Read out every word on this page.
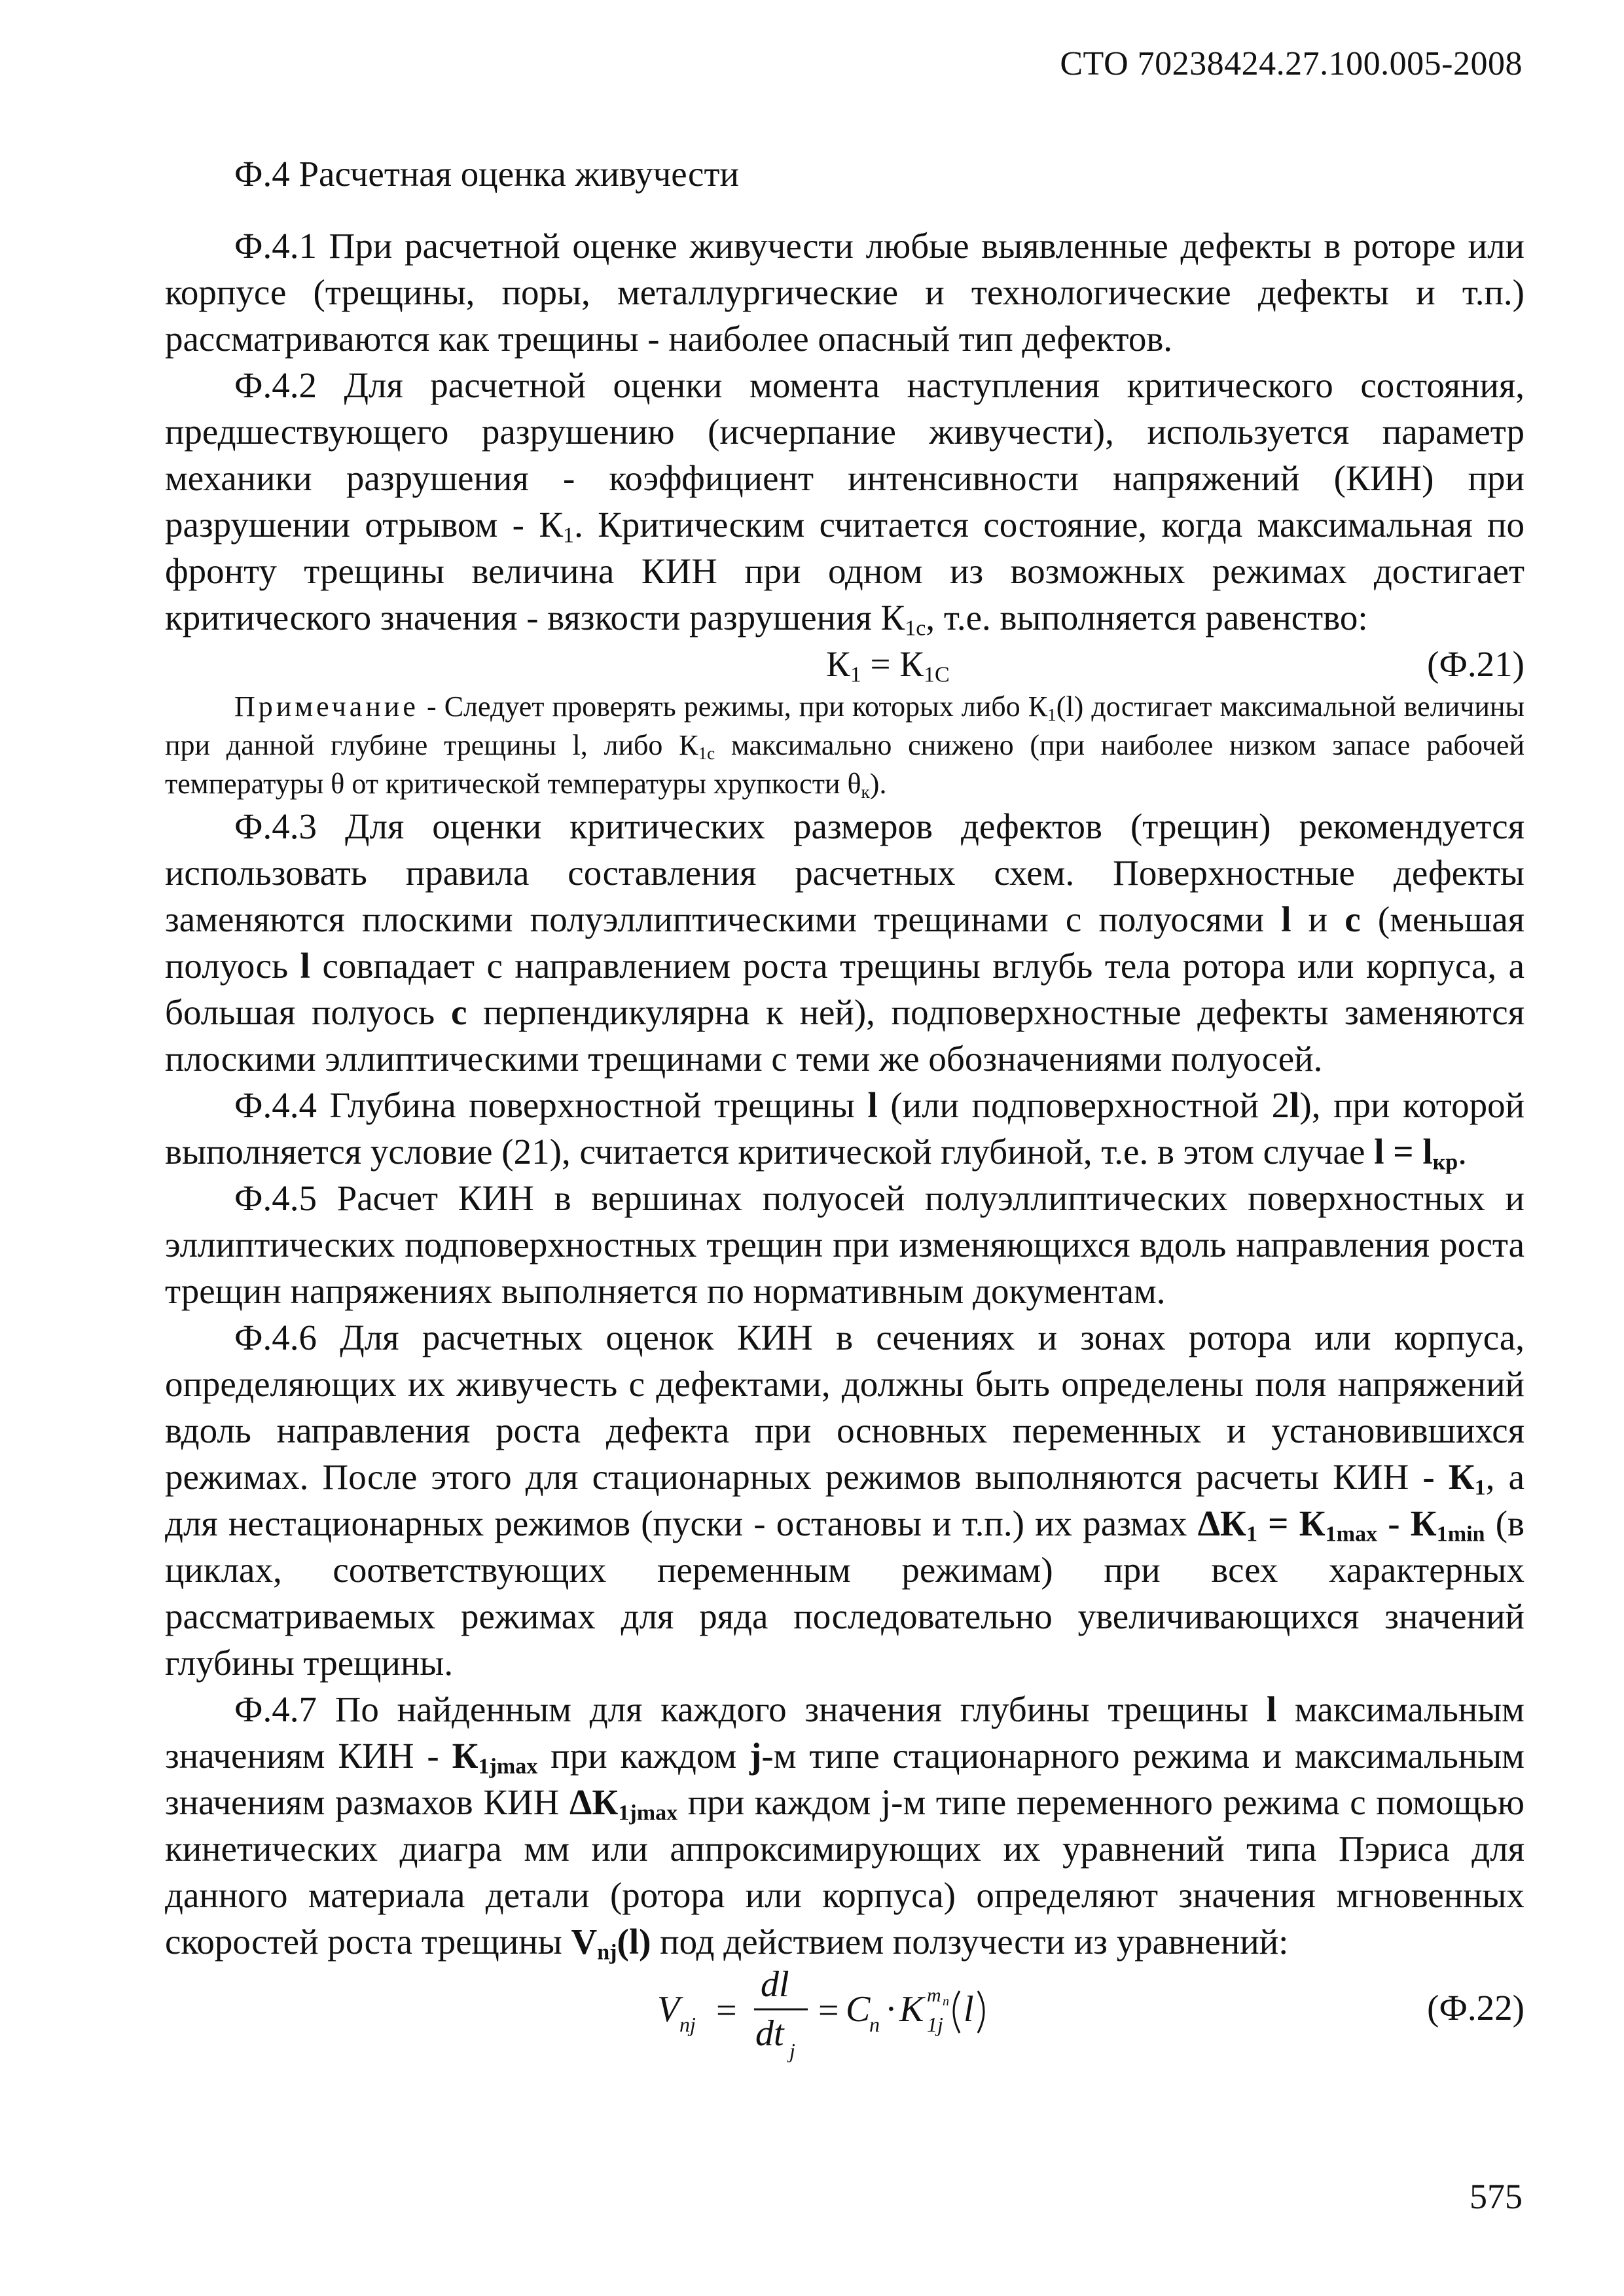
СТО 70238424.27.100.005-2008

Ф.4 Расчетная оценка живучести

Ф.4.1 При расчетной оценке живучести любые выявленные дефекты в роторе или корпусе (трещины, поры, металлургические и технологические дефекты и т.п.) рассматриваются как трещины - наиболее опасный тип дефектов.

Ф.4.2 Для расчетной оценки момента наступления критического состояния, предшествующего разрушению (исчерпание живучести), используется параметр механики разрушения - коэффициент интенсивности напряжений (КИН) при разрушении отрывом - $К_1$. Критическим считается состояние, когда максимальная по фронту трещины величина КИН при одном из возможных режимах достигает критического значения - вязкости разрушения $К_{1с}$, т.е. выполняется равенство:

$К_1 = К_{1С}$	(Ф.21)

Примечание - Следует проверять режимы, при которых либо $К_1(l)$ достигает максимальной величины при данной глубине трещины l, либо $К_{1с}$ максимально снижено (при наиболее низком запасе рабочей температуры θ от критической температуры хрупкости $\theta_к$).

Ф.4.3 Для оценки критических размеров дефектов (трещин) рекомендуется использовать правила составления расчетных схем. Поверхностные дефекты заменяются плоскими полуэллиптическими трещинами с полуосями l и c (меньшая полуось l совпадает с направлением роста трещины вглубь тела ротора или корпуса, а большая полуось c перпендикулярна к ней), подповерхностные дефекты заменяются плоскими эллиптическими трещинами с теми же обозначениями полуосей.

Ф.4.4 Глубина поверхностной трещины l (или подповерхностной 2l), при которой выполняется условие (21), считается критической глубиной, т.е. в этом случае $l = l_{кр}$.

Ф.4.5 Расчет КИН в вершинах полуосей полуэллиптических поверхностных и эллиптических подповерхностных трещин при изменяющихся вдоль направления роста трещин напряжениях выполняется по нормативным документам.

Ф.4.6 Для расчетных оценок КИН в сечениях и зонах ротора или корпуса, определяющих их живучесть с дефектами, должны быть определены поля напряжений вдоль направления роста дефекта при основных переменных и установившихся режимах. После этого для стационарных режимов выполняются расчеты КИН - $К_1$, а для нестационарных режимов (пуски - остановы и т.п.) их размах $\Delta К_1 = К_{1max} - К_{1min}$ (в циклах, соответствующих переменным режимам) при всех характерных рассматриваемых режимах для ряда последовательно увеличивающихся значений глубины трещины.

Ф.4.7 По найденным для каждого значения глубины трещины l максимальным значениям КИН - $К_{1jmax}$ при каждом j-м типе стационарного режима и максимальным значениям размахов КИН $\Delta К_{1jmax}$ при каждом j-м типе переменного режима с помощью кинетических диагра мм или аппроксимирующих их уравнений типа Пэриса для данного материала детали (ротора или корпуса) определяют значения мгновенных скоростей роста трещины $V_{nj}(l)$ под действием ползучести из уравнений:

V nj =
dl
dt j
= C
n · K m n
1j l	(Ф.22)
575
